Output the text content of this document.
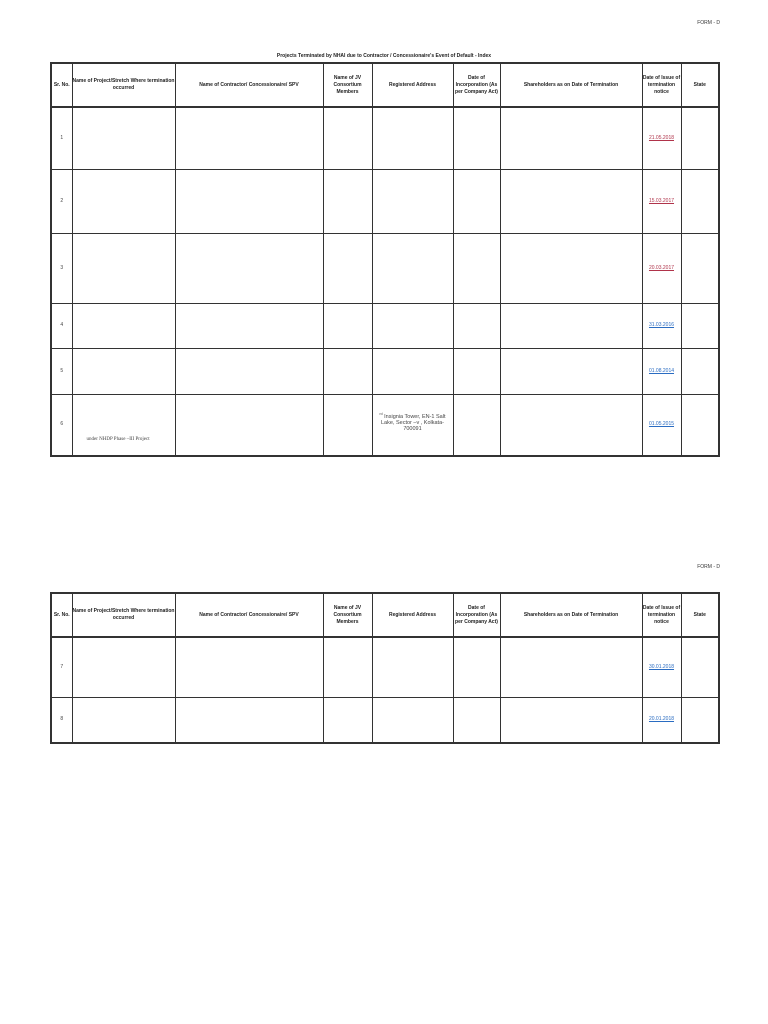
FORM - D
Projects Terminated by NHAI due to Contractor / Concessionaire's Event of Default - Index
Sr. No.	Name of Project/Stretch Where termination occurred	Name of Contractor/ Concessionaire/ SPV	Name of JV Consortium Members	Registered Address	Date of Incorporation (As per Company Act)	Shareholders as on Date of Termination	Date of Issue of termination notice	State
1							21.05.2018	
2							15.03.2017	
3							20.03.2017	
4							31.03.2016	
5							01.08.2014	
6	under NHDP Phase –III Project			$^{rd}$ Insignia Tower, EN-1 Salt Lake, Sector –v , Kolkata-700091			01.05.2015	
FORM - D
Sr. No.	Name of Project/Stretch Where termination occurred	Name of Contractor/ Concessionaire/ SPV	Name of JV Consortium Members	Registered Address	Date of Incorporation (As per Company Act)	Shareholders as on Date of Termination	Date of Issue of termination notice	State
7							30.01.2018	
8							20.01.2018	
